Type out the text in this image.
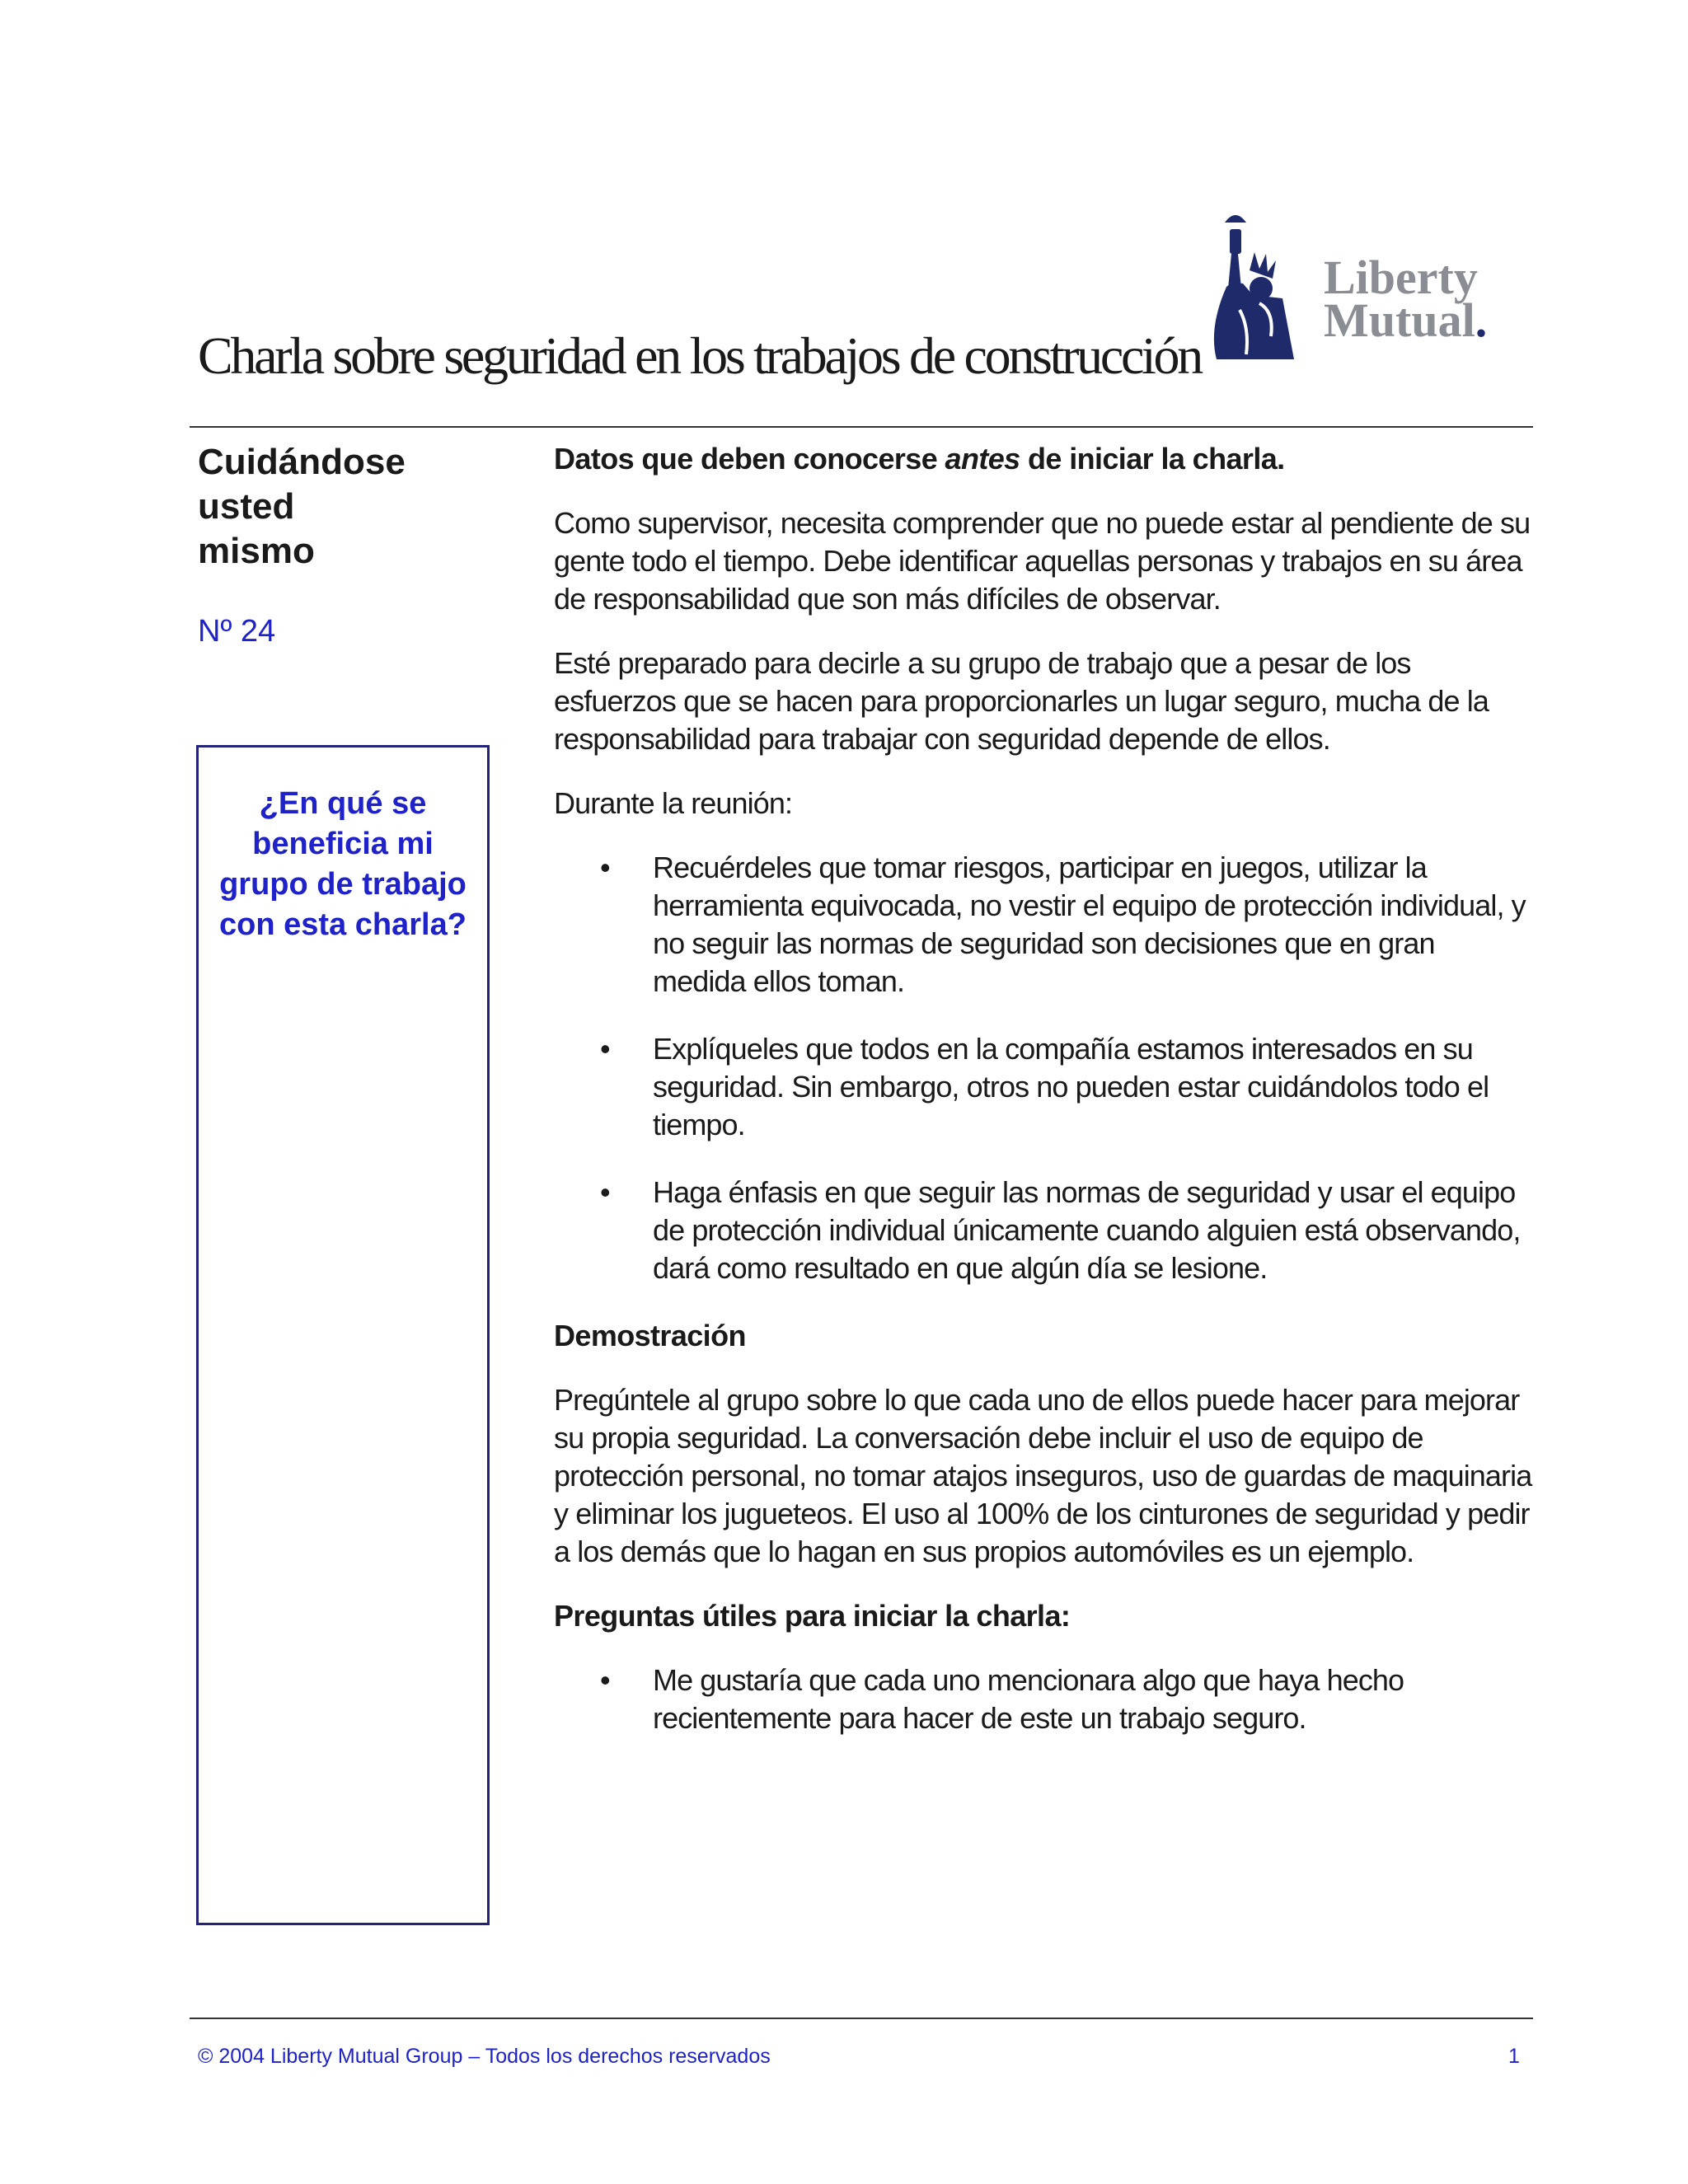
Liberty
Mutual.
Charla sobre seguridad en los trabajos de construcción
Cuidándose
usted
mismo
Nº 24
¿En qué se beneficia mi grupo de trabajo con esta charla?
Datos que deben conocerse antes de iniciar la charla.

Como supervisor, necesita comprender que no puede estar al pendiente de su gente todo el tiempo. Debe identificar aquellas personas y trabajos en su área de responsabilidad que son más difíciles de observar.

Esté preparado para decirle a su grupo de trabajo que a pesar de los esfuerzos que se hacen para proporcionarles un lugar seguro, mucha de la responsabilidad para trabajar con seguridad depende de ellos.

Durante la reunión:

• Recuérdeles que tomar riesgos, participar en juegos, utilizar la herramienta equivocada, no vestir el equipo de protección individual, y no seguir las normas de seguridad son decisiones que en gran medida ellos toman.
• Explíqueles que todos en la compañía estamos interesados en su seguridad. Sin embargo, otros no pueden estar cuidándolos todo el tiempo.
• Haga énfasis en que seguir las normas de seguridad y usar el equipo de protección individual únicamente cuando alguien está observando, dará como resultado en que algún día se lesione.
Demostración

Pregúntele al grupo sobre lo que cada uno de ellos puede hacer para mejorar su propia seguridad. La conversación debe incluir el uso de equipo de protección personal, no tomar atajos inseguros, uso de guardas de maquinaria y eliminar los jugueteos. El uso al 100% de los cinturones de seguridad y pedir a los demás que lo hagan en sus propios automóviles es un ejemplo.

Preguntas útiles para iniciar la charla:
• Me gustaría que cada uno mencionara algo que haya hecho recientemente para hacer de este un trabajo seguro.
© 2004 Liberty Mutual Group – Todos los derechos reservados	1
